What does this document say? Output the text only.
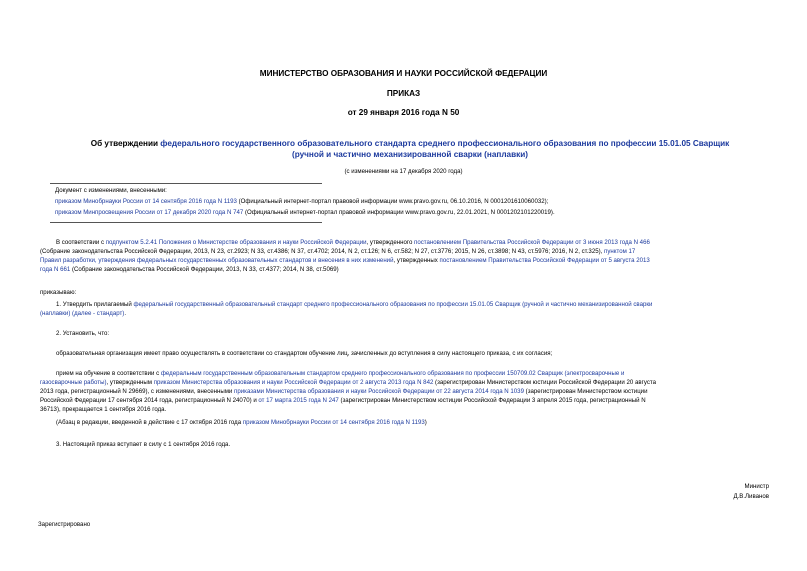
МИНИСТЕРСТВО ОБРАЗОВАНИЯ И НАУКИ РОССИЙСКОЙ ФЕДЕРАЦИИ
ПРИКАЗ
от 29 января 2016 года N 50
Об утверждении федерального государственного образовательного стандарта среднего профессионального образования по профессии 15.01.05 Сварщик
(ручной и частично механизированной сварки (наплавки)
(с изменениями на 17 декабря 2020 года)
Документ с изменениями, внесенными:
приказом Минобрнауки России от 14 сентября 2016 года N 1193 (Официальный интернет-портал правовой информации www.pravo.gov.ru, 06.10.2016, N 0001201610060032);
приказом Минпросвещения России от 17 декабря 2020 года N 747 (Официальный интернет-портал правовой информации www.pravo.gov.ru, 22.01.2021, N 0001202101220019).
В соответствии с подпунктом 5.2.41 Положения о Министерстве образования и науки Российской Федерации, утвержденного постановлением Правительства Российской Федерации от 3 июня 2013 года N 466
(Собрание законодательства Российской Федерации, 2013, N 23, ст.2923; N 33, ст.4386; N 37, ст.4702; 2014, N 2, ст.126; N 6, ст.582; N 27, ст.3776; 2015, N 26, ст.3898; N 43, ст.5976; 2016, N 2, ст.325), пунктом 17
Правил разработки, утверждения федеральных государственных образовательных стандартов и внесения в них изменений, утвержденных постановлением Правительства Российской Федерации от 5 августа 2013
года N 661 (Собрание законодательства Российской Федерации, 2013, N 33, ст.4377; 2014, N 38, ст.5069)
приказываю:
1. Утвердить прилагаемый федеральный государственный образовательный стандарт среднего профессионального образования по профессии 15.01.05 Сварщик (ручной и частично механизированной сварки
(наплавки) (далее - стандарт).
2. Установить, что:
образовательная организация имеет право осуществлять в соответствии со стандартом обучение лиц, зачисленных до вступления в силу настоящего приказа, с их согласия;
прием на обучение в соответствии с федеральным государственным образовательным стандартом среднего профессионального образования по профессии 150709.02 Сварщик (электросварочные и
газосварочные работы), утвержденным приказом Министерства образования и науки Российской Федерации от 2 августа 2013 года N 842 (зарегистрирован Министерством юстиции Российской Федерации 20 августа
2013 года, регистрационный N 29669), с изменениями, внесенными приказами Министерства образования и науки Российской Федерации от 22 августа 2014 года N 1039 (зарегистрирован Министерством юстиции
Российской Федерации 17 сентября 2014 года, регистрационный N 24070) и от 17 марта 2015 года N 247 (зарегистрирован Министерством юстиции Российской Федерации 3 апреля 2015 года, регистрационный N
36713), прекращается 1 сентября 2016 года.
(Абзац в редакции, введенной в действие с 17 октября 2016 года приказом Минобрнауки России от 14 сентября 2016 года N 1193)
3. Настоящий приказ вступает в силу с 1 сентября 2016 года.
Министр
Д.В.Ливанов
Зарегистрировано
